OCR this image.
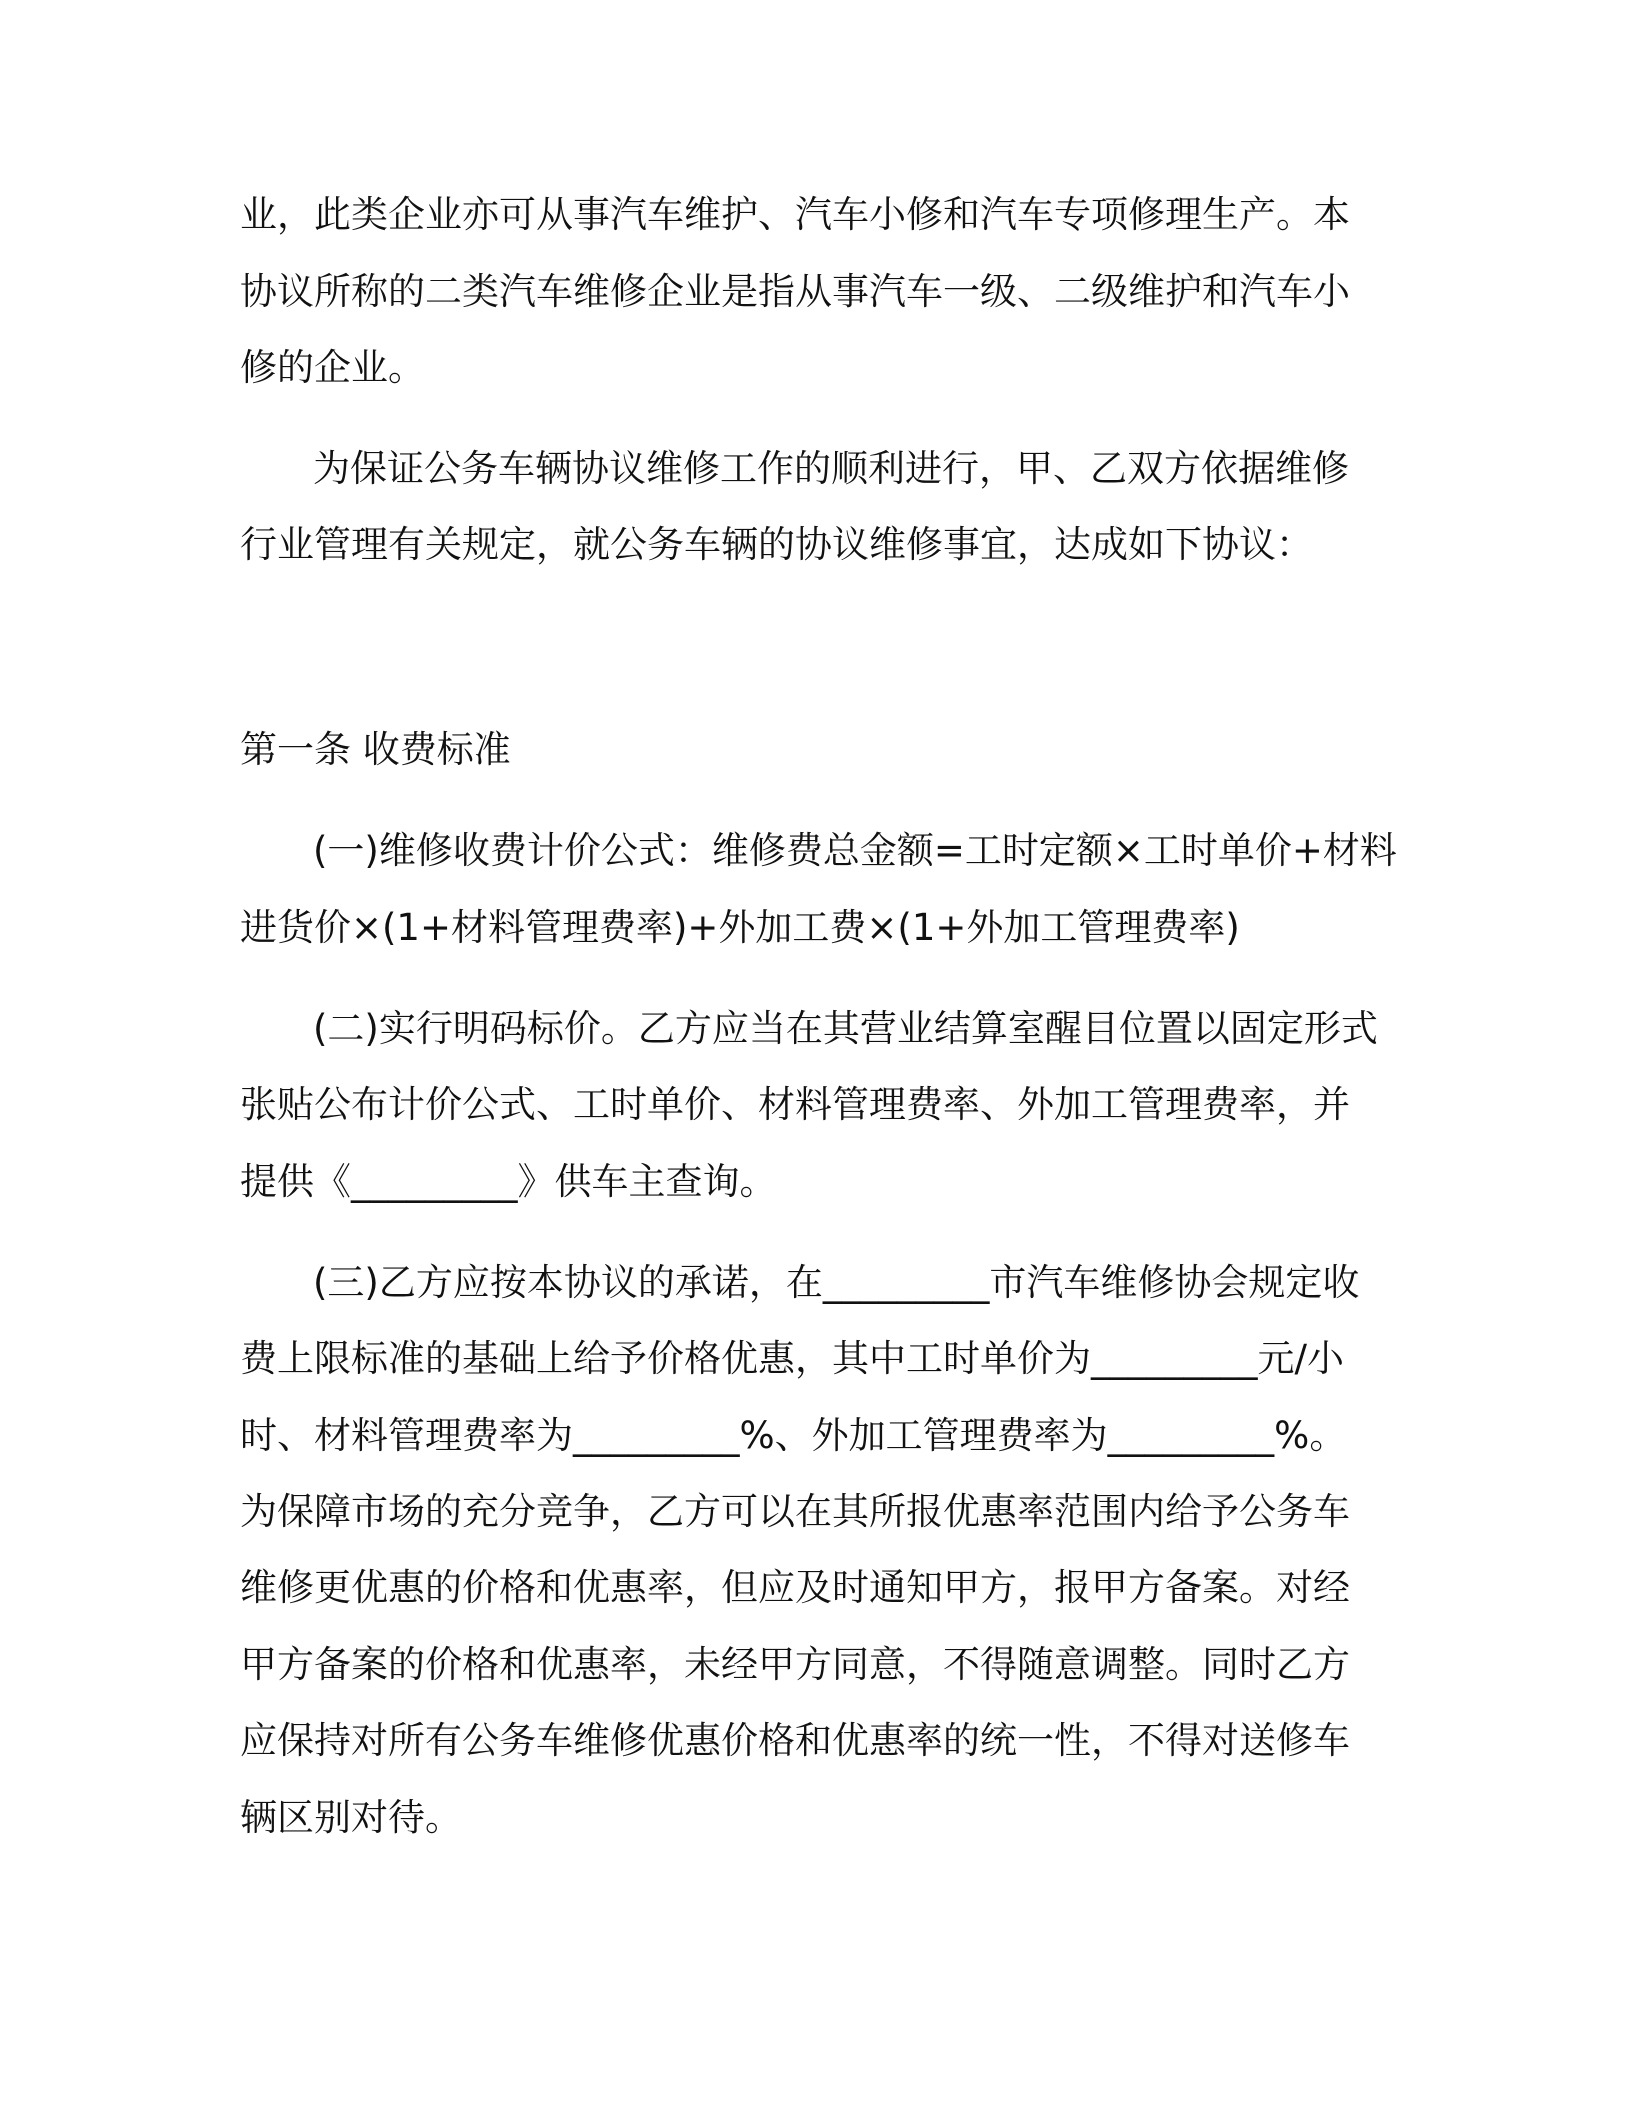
业，此类企业亦可从事汽车维护、汽车小修和汽车专项修理生产。本
协议所称的二类汽车维修企业是指从事汽车一级、二级维护和汽车小
修的企业。
为保证公务车辆协议维修工作的顺利进行，甲、乙双方依据维修
行业管理有关规定，就公务车辆的协议维修事宜，达成如下协议：
第一条 收费标准
(一)维修收费计价公式：维修费总金额=工时定额×工时单价+材料
进货价×(1+材料管理费率)+外加工费×(1+外加工管理费率)
(二)实行明码标价。乙方应当在其营业结算室醒目位置以固定形式
张贴公布计价公式、工时单价、材料管理费率、外加工管理费率，并
提供《_________》供车主查询。
(三)乙方应按本协议的承诺，在_________市汽车维修协会规定收
费上限标准的基础上给予价格优惠，其中工时单价为_________元/小
时、材料管理费率为_________%、外加工管理费率为_________%。
为保障市场的充分竞争，乙方可以在其所报优惠率范围内给予公务车
维修更优惠的价格和优惠率，但应及时通知甲方，报甲方备案。对经
甲方备案的价格和优惠率，未经甲方同意，不得随意调整。同时乙方
应保持对所有公务车维修优惠价格和优惠率的统一性，不得对送修车
辆区别对待。
